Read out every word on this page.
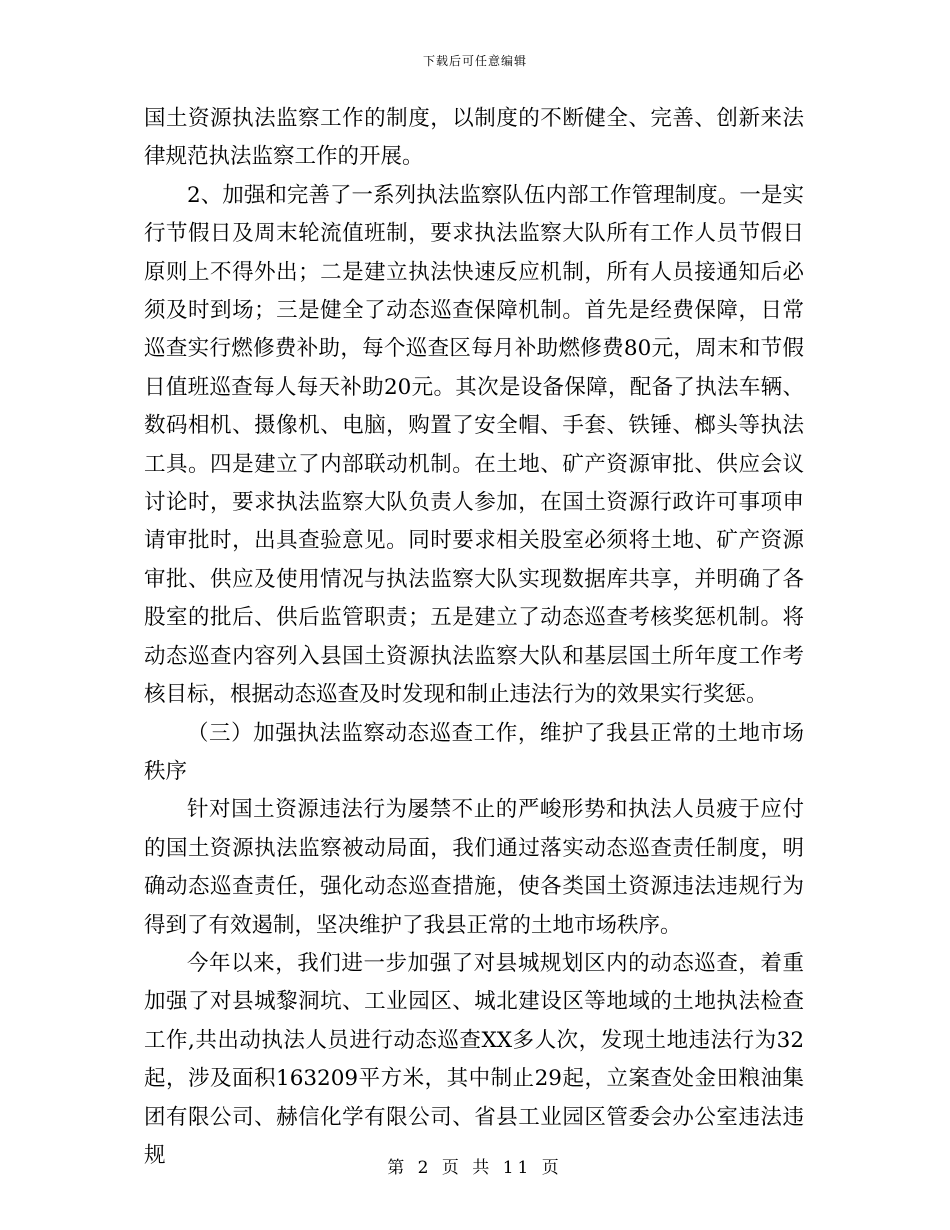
下载后可任意编辑

国土资源执法监察工作的制度，以制度的不断健全、完善、创新来法律规范执法监察工作的开展。

2、加强和完善了一系列执法监察队伍内部工作管理制度。一是实行节假日及周末轮流值班制，要求执法监察大队所有工作人员节假日原则上不得外出；二是建立执法快速反应机制，所有人员接通知后必须及时到场；三是健全了动态巡查保障机制。首先是经费保障，日常巡查实行燃修费补助，每个巡查区每月补助燃修费80元，周末和节假日值班巡查每人每天补助20元。其次是设备保障，配备了执法车辆、数码相机、摄像机、电脑，购置了安全帽、手套、铁锤、榔头等执法工具。四是建立了内部联动机制。在土地、矿产资源审批、供应会议讨论时，要求执法监察大队负责人参加，在国土资源行政许可事项申请审批时，出具查验意见。同时要求相关股室必须将土地、矿产资源审批、供应及使用情况与执法监察大队实现数据库共享，并明确了各股室的批后、供后监管职责；五是建立了动态巡查考核奖惩机制。将动态巡查内容列入县国土资源执法监察大队和基层国土所年度工作考核目标，根据动态巡查及时发现和制止违法行为的效果实行奖惩。

（三）加强执法监察动态巡查工作，维护了我县正常的土地市场秩序

针对国土资源违法行为屡禁不止的严峻形势和执法人员疲于应付的国土资源执法监察被动局面，我们通过落实动态巡查责任制度，明确动态巡查责任，强化动态巡查措施，使各类国土资源违法违规行为得到了有效遏制，坚决维护了我县正常的土地市场秩序。

今年以来，我们进一步加强了对县城规划区内的动态巡查，着重加强了对县城黎洞坑、工业园区、城北建设区等地域的土地执法检查工作,共出动执法人员进行动态巡查XX多人次，发现土地违法行为32起，涉及面积163209平方米，其中制止29起，立案查处金田粮油集团有限公司、赫信化学有限公司、省县工业园区管委会办公室违法违规

第 2 页 共 11 页
